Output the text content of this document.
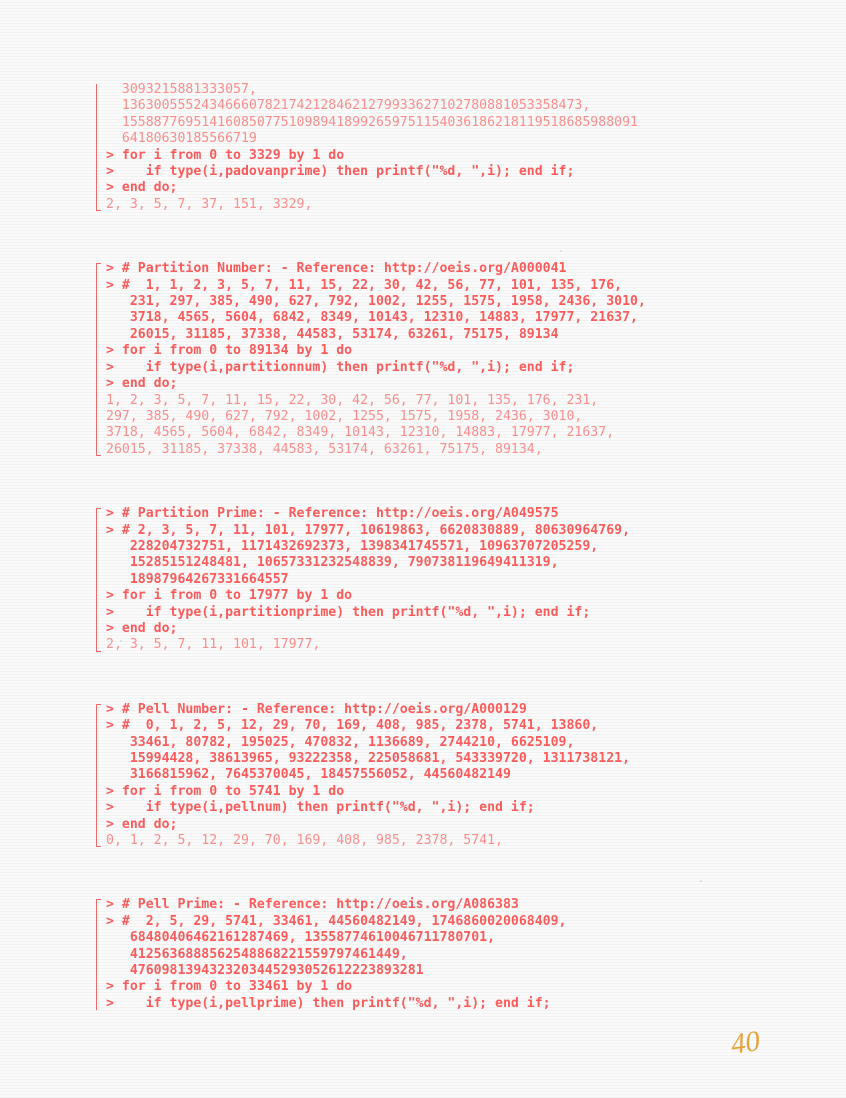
3093215881333057,
1363005552434666078217421284621279933627102780881053358473,
15588776951416085077510989418992659751154036186218119518685988091
64180630185566719
> for i from 0 to 3329 by 1 do
>    if type(i,padovanprime) then printf("%d, ",i); end if;
> end do;
2, 3, 5, 7, 37, 151, 3329,
> # Partition Number: - Reference: http://oeis.org/A000041
> #  1, 1, 2, 3, 5, 7, 11, 15, 22, 30, 42, 56, 77, 101, 135, 176,
231, 297, 385, 490, 627, 792, 1002, 1255, 1575, 1958, 2436, 3010,
3718, 4565, 5604, 6842, 8349, 10143, 12310, 14883, 17977, 21637,
26015, 31185, 37338, 44583, 53174, 63261, 75175, 89134
> for i from 0 to 89134 by 1 do
>    if type(i,partitionnum) then printf("%d, ",i); end if;
> end do;
1, 2, 3, 5, 7, 11, 15, 22, 30, 42, 56, 77, 101, 135, 176, 231,
297, 385, 490, 627, 792, 1002, 1255, 1575, 1958, 2436, 3010,
3718, 4565, 5604, 6842, 8349, 10143, 12310, 14883, 17977, 21637,
26015, 31185, 37338, 44583, 53174, 63261, 75175, 89134,
> # Partition Prime: - Reference: http://oeis.org/A049575
> # 2, 3, 5, 7, 11, 101, 17977, 10619863, 6620830889, 80630964769,
228204732751, 1171432692373, 1398341745571, 10963707205259,
15285151248481, 10657331232548839, 790738119649411319,
18987964267331664557
> for i from 0 to 17977 by 1 do
>    if type(i,partitionprime) then printf("%d, ",i); end if;
> end do;
2, 3, 5, 7, 11, 101, 17977,
> # Pell Number: - Reference: http://oeis.org/A000129
> #  0, 1, 2, 5, 12, 29, 70, 169, 408, 985, 2378, 5741, 13860,
33461, 80782, 195025, 470832, 1136689, 2744210, 6625109,
15994428, 38613965, 93222358, 225058681, 543339720, 1311738121,
3166815962, 7645370045, 18457556052, 44560482149
> for i from 0 to 5741 by 1 do
>    if type(i,pellnum) then printf("%d, ",i); end if;
> end do;
0, 1, 2, 5, 12, 29, 70, 169, 408, 985, 2378, 5741,
> # Pell Prime: - Reference: http://oeis.org/A086383
> #  2, 5, 29, 5741, 33461, 44560482149, 1746860020068409,
68480406462161287469, 13558774610046711780701,
4125636888562548868221559797461449,
4760981394323203445293052612223893281
> for i from 0 to 33461 by 1 do
>    if type(i,pellprime) then printf("%d, ",i); end if;
40
